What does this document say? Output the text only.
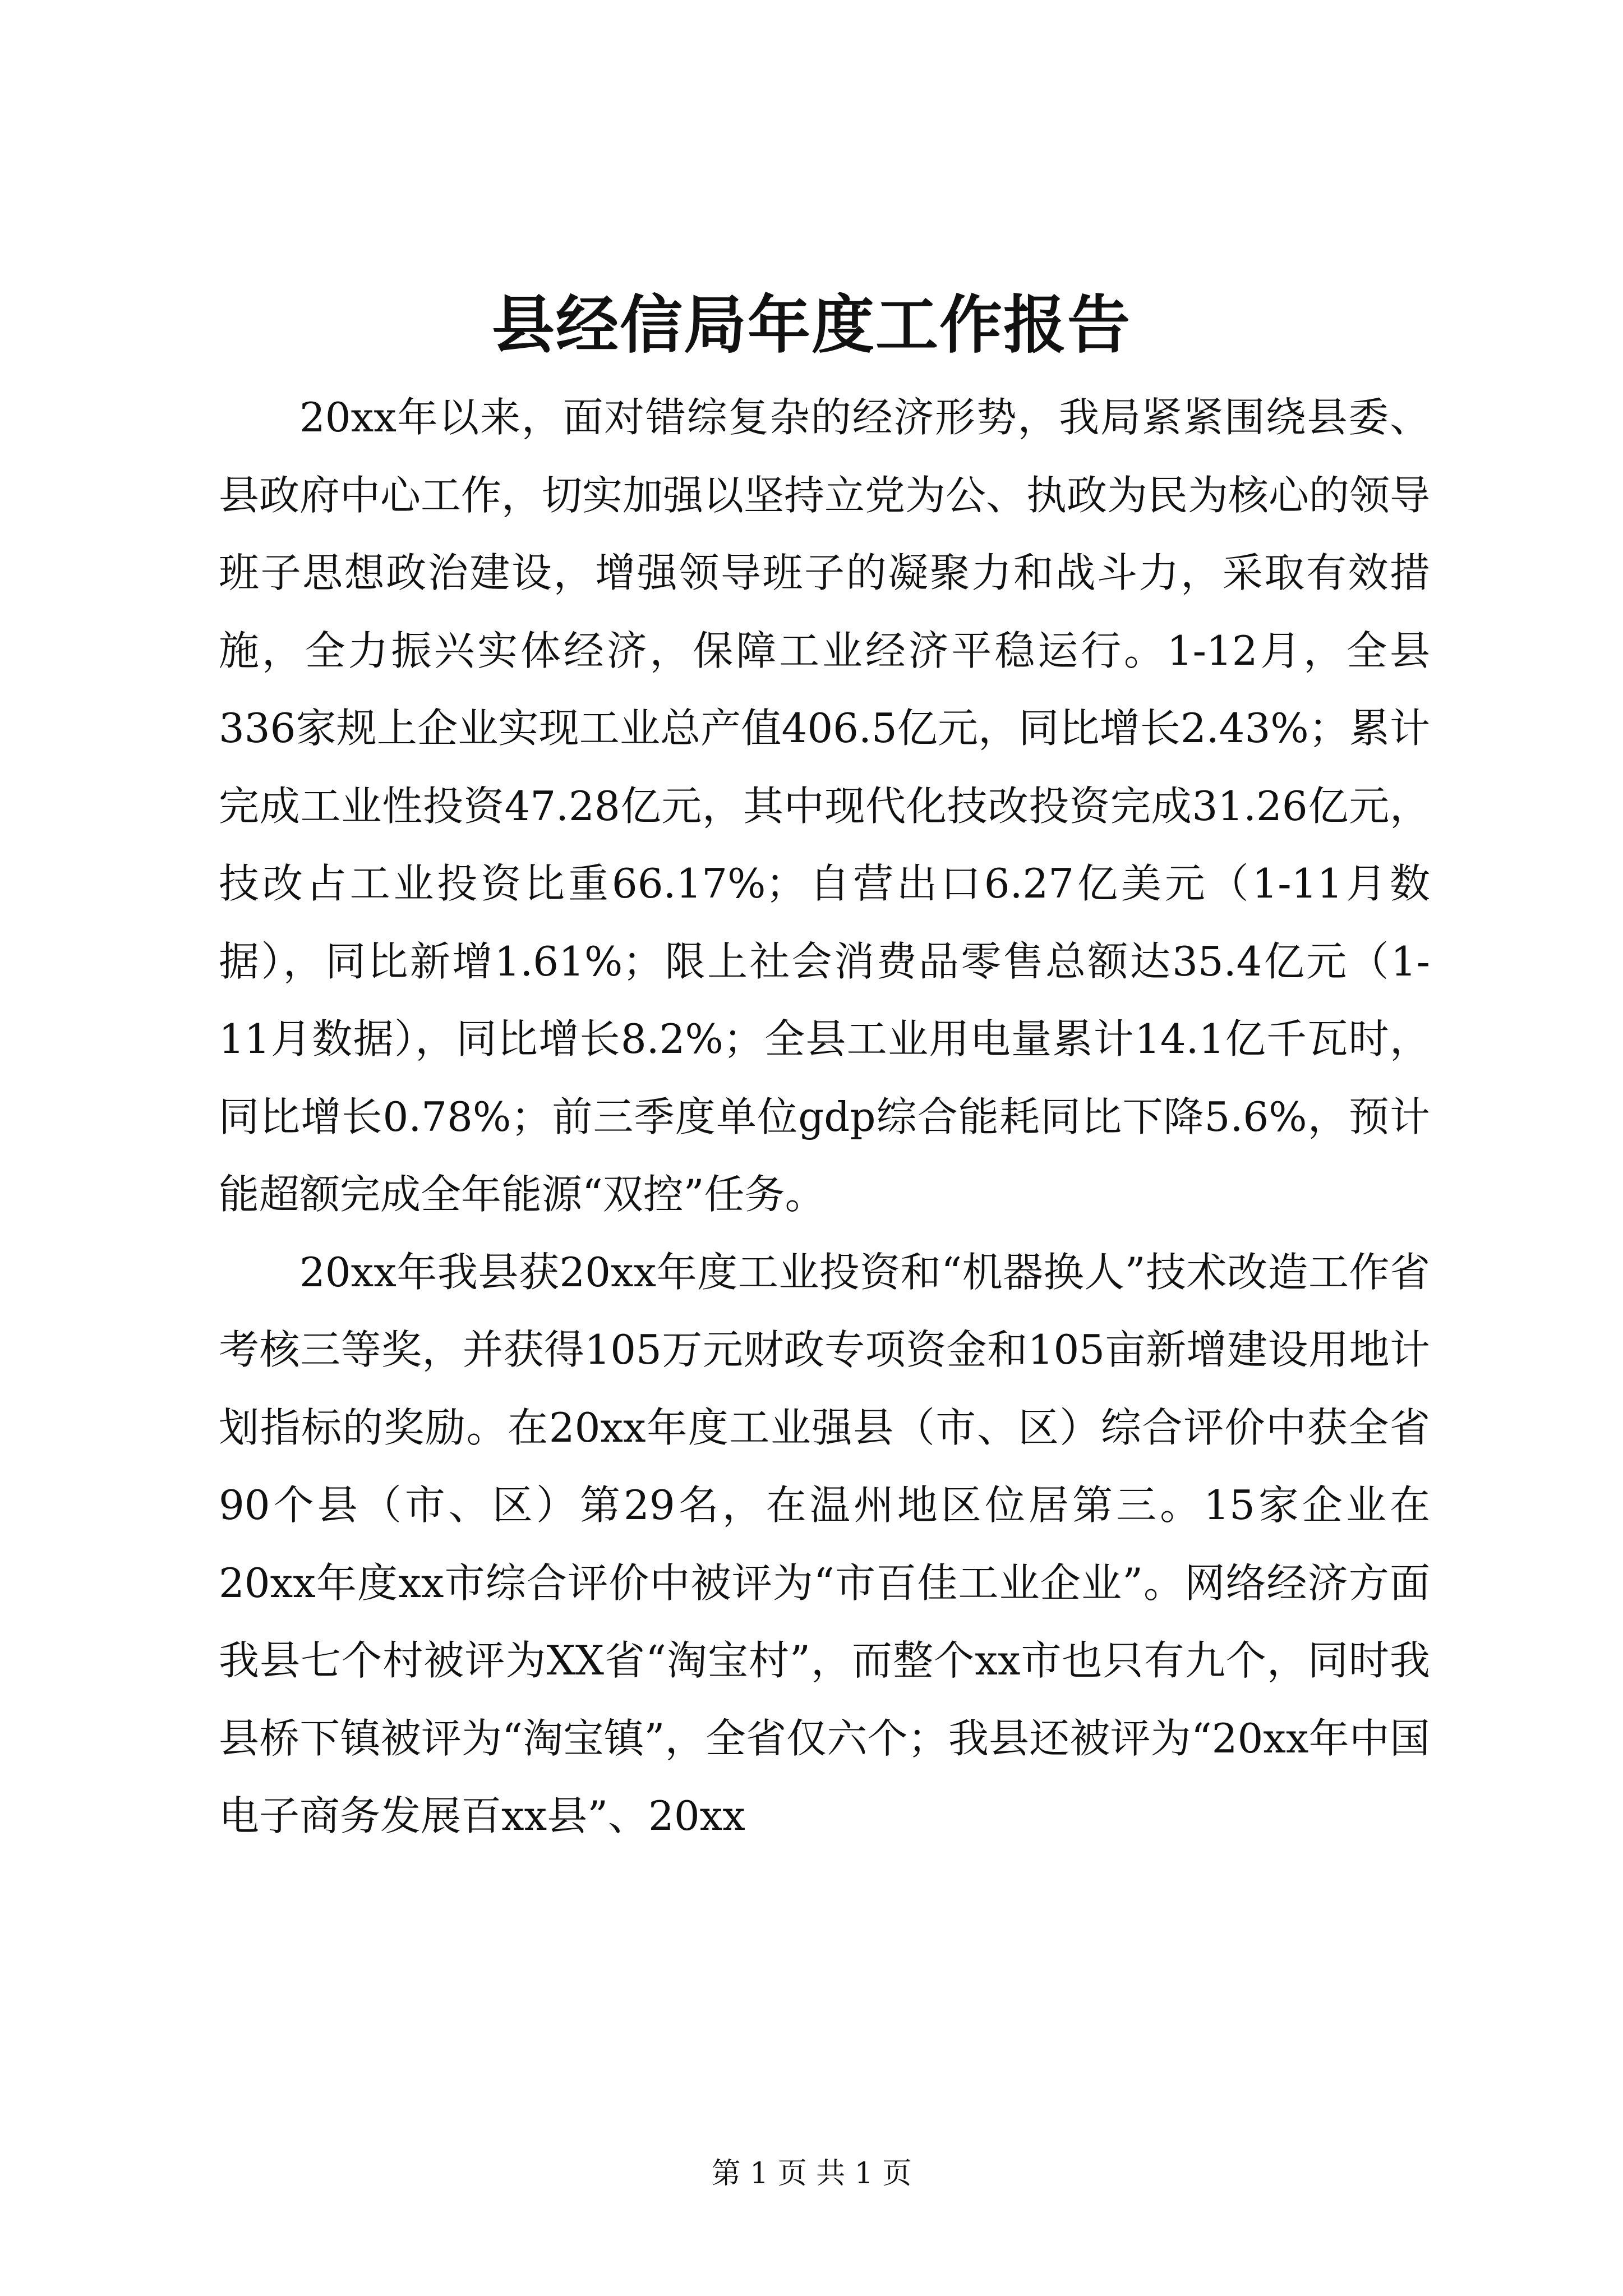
县经信局年度工作报告

20xx年以来，面对错综复杂的经济形势，我局紧紧围绕县委、县政府中心工作，切实加强以坚持立党为公、执政为民为核心的领导班子思想政治建设，增强领导班子的凝聚力和战斗力，采取有效措施，全力振兴实体经济，保障工业经济平稳运行。1-12月，全县336家规上企业实现工业总产值406.5亿元，同比增长2.43%；累计完成工业性投资47.28亿元，其中现代化技改投资完成31.26亿元，技改占工业投资比重66.17%；自营出口6.27亿美元（1-11月数据），同比新增1.61%；限上社会消费品零售总额达35.4亿元（1-11月数据），同比增长8.2%；全县工业用电量累计14.1亿千瓦时，同比增长0.78%；前三季度单位gdp综合能耗同比下降5.6%，预计能超额完成全年能源“双控”任务。

20xx年我县获20xx年度工业投资和“机器换人”技术改造工作省考核三等奖，并获得105万元财政专项资金和105亩新增建设用地计划指标的奖励。在20xx年度工业强县（市、区）综合评价中获全省90个县（市、区）第29名，在温州地区位居第三。15家企业在20xx年度xx市综合评价中被评为“市百佳工业企业”。网络经济方面我县七个村被评为XX省“淘宝村”，而整个xx市也只有九个，同时我县桥下镇被评为“淘宝镇”，全省仅六个；我县还被评为“20xx年中国电子商务发展百xx县”、20xx

第 1 页 共 1 页
